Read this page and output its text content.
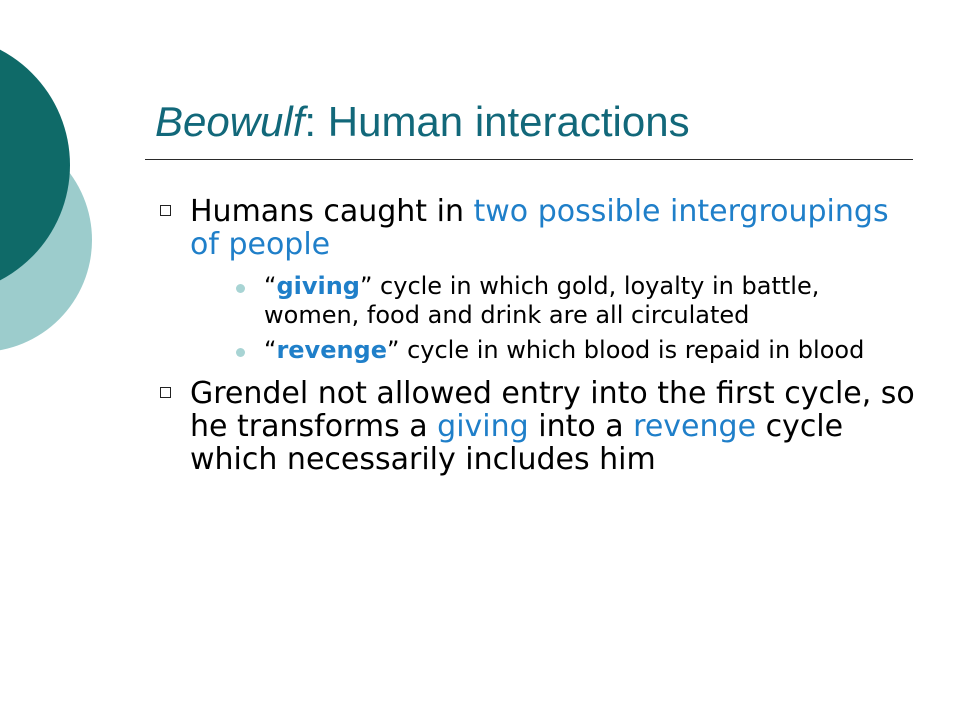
Beowulf: Human interactions
Humans caught in two possible intergroupings of people
“giving” cycle in which gold, loyalty in battle, women, food and drink are all circulated
“revenge” cycle in which blood is repaid in blood
Grendel not allowed entry into the first cycle, so he transforms a giving into a revenge cycle which necessarily includes him
